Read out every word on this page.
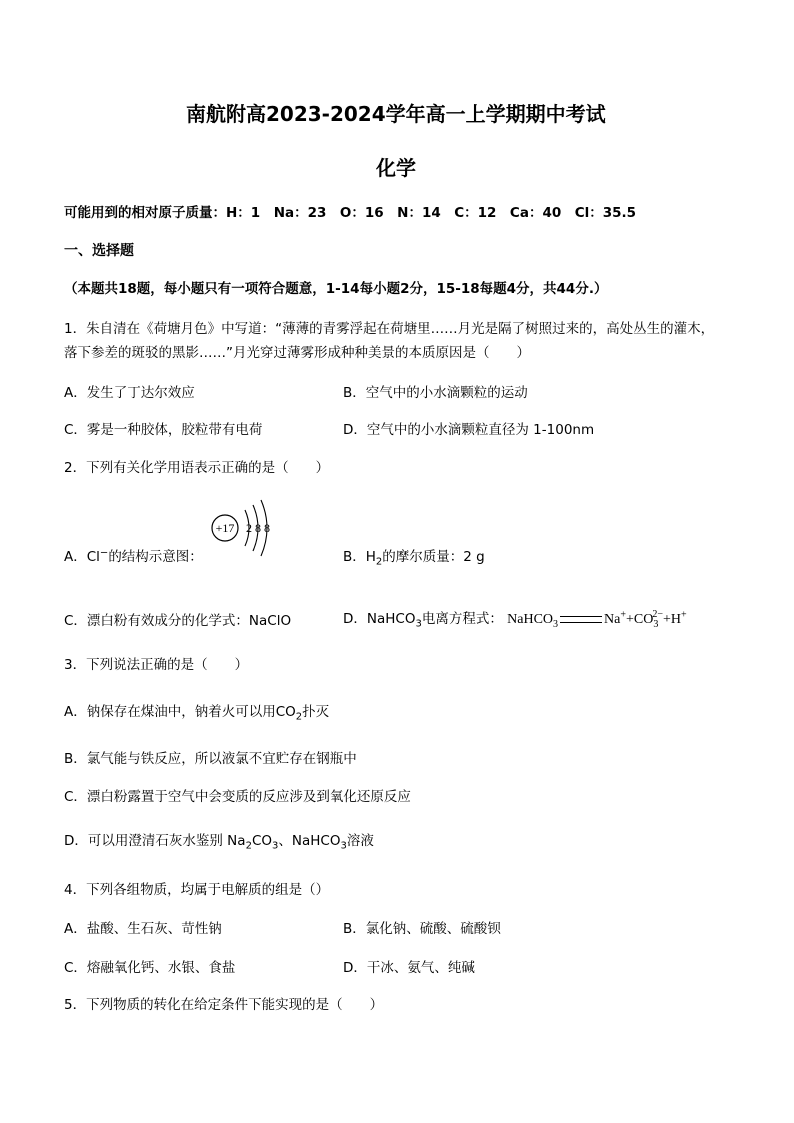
南航附高2023-2024学年高一上学期期中考试
化学
可能用到的相对原子质量：H：1　Na：23　O：16　N：14　C：12　Ca：40　Cl：35.5
一、选择题
（本题共18题，每小题只有一项符合题意，1-14每小题2分，15-18每题4分，共44分.）
1．朱自清在《荷塘月色》中写道：“薄薄的青雾浮起在荷塘里……月光是隔了树照过来的，高处丛生的灌木，
落下参差的斑驳的黑影……”月光穿过薄雾形成种种美景的本质原因是（　　）
A．发生了丁达尔效应	B．空气中的小水滴颗粒的运动
C．雾是一种胶体，胶粒带有电荷	D．空气中的小水滴颗粒直径为 1-100nm
2．下列有关化学用语表示正确的是（　　）
+17 2 8 8
A．Cl−的结构示意图：	B．$H_2$的摩尔质量：2 g
C．漂白粉有效成分的化学式：NaClO	D．NaHCO$_3$电离方程式： NaHCO$_3$	$Na^++CO_3^{2-}+H^+$
3．下列说法正确的是（　　）
A．钠保存在煤油中，钠着火可以用$CO_2$扑灭
B．氯气能与铁反应，所以液氯不宜贮存在钢瓶中
C．漂白粉露置于空气中会变质的反应涉及到氧化还原反应
D．可以用澄清石灰水鉴别 $Na_2CO_3$、NaHCO$_3$溶液
4．下列各组物质，均属于电解质的组是（）
A．盐酸、生石灰、苛性钠	B．氯化钠、硫酸、硫酸钡
C．熔融氧化钙、水银、食盐	D．干冰、氨气、纯碱
5．下列物质的转化在给定条件下能实现的是（　　）
